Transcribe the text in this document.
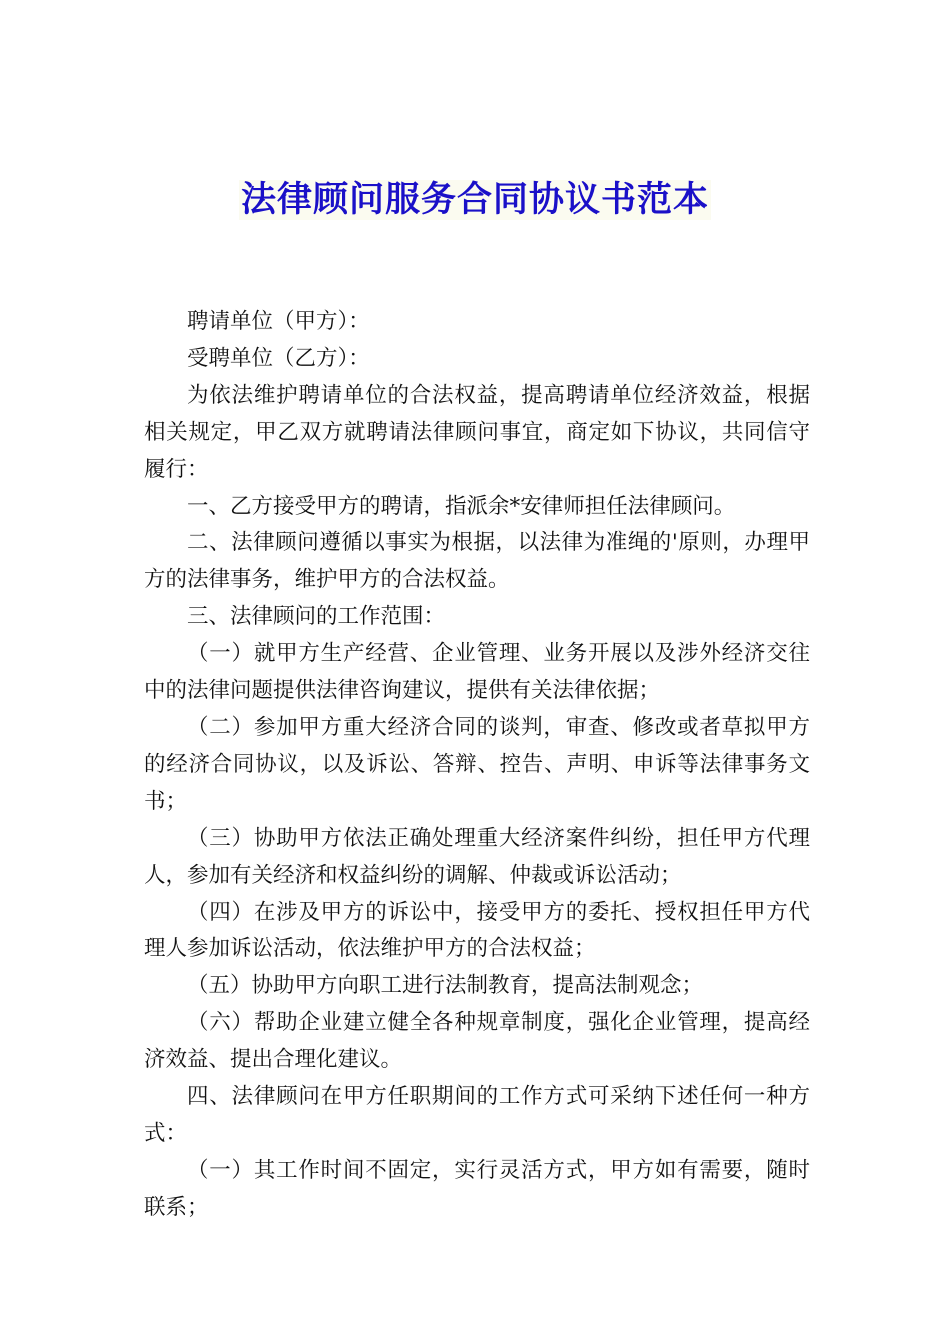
法律顾问服务合同协议书范本

聘请单位（甲方）：

受聘单位（乙方）：

为依法维护聘请单位的合法权益，提高聘请单位经济效益，根据相关规定，甲乙双方就聘请法律顾问事宜，商定如下协议，共同信守履行：

一、乙方接受甲方的聘请，指派余*安律师担任法律顾问。

二、法律顾问遵循以事实为根据，以法律为准绳的'原则，办理甲方的法律事务，维护甲方的合法权益。

三、法律顾问的工作范围：

（一）就甲方生产经营、企业管理、业务开展以及涉外经济交往中的法律问题提供法律咨询建议，提供有关法律依据；

（二）参加甲方重大经济合同的谈判，审查、修改或者草拟甲方的经济合同协议，以及诉讼、答辩、控告、声明、申诉等法律事务文书；

（三）协助甲方依法正确处理重大经济案件纠纷，担任甲方代理人，参加有关经济和权益纠纷的调解、仲裁或诉讼活动；

（四）在涉及甲方的诉讼中，接受甲方的委托、授权担任甲方代理人参加诉讼活动，依法维护甲方的合法权益；

（五）协助甲方向职工进行法制教育，提高法制观念；

（六）帮助企业建立健全各种规章制度，强化企业管理，提高经济效益、提出合理化建议。

四、法律顾问在甲方任职期间的工作方式可采纳下述任何一种方式：

（一）其工作时间不固定，实行灵活方式，甲方如有需要，随时联系；
